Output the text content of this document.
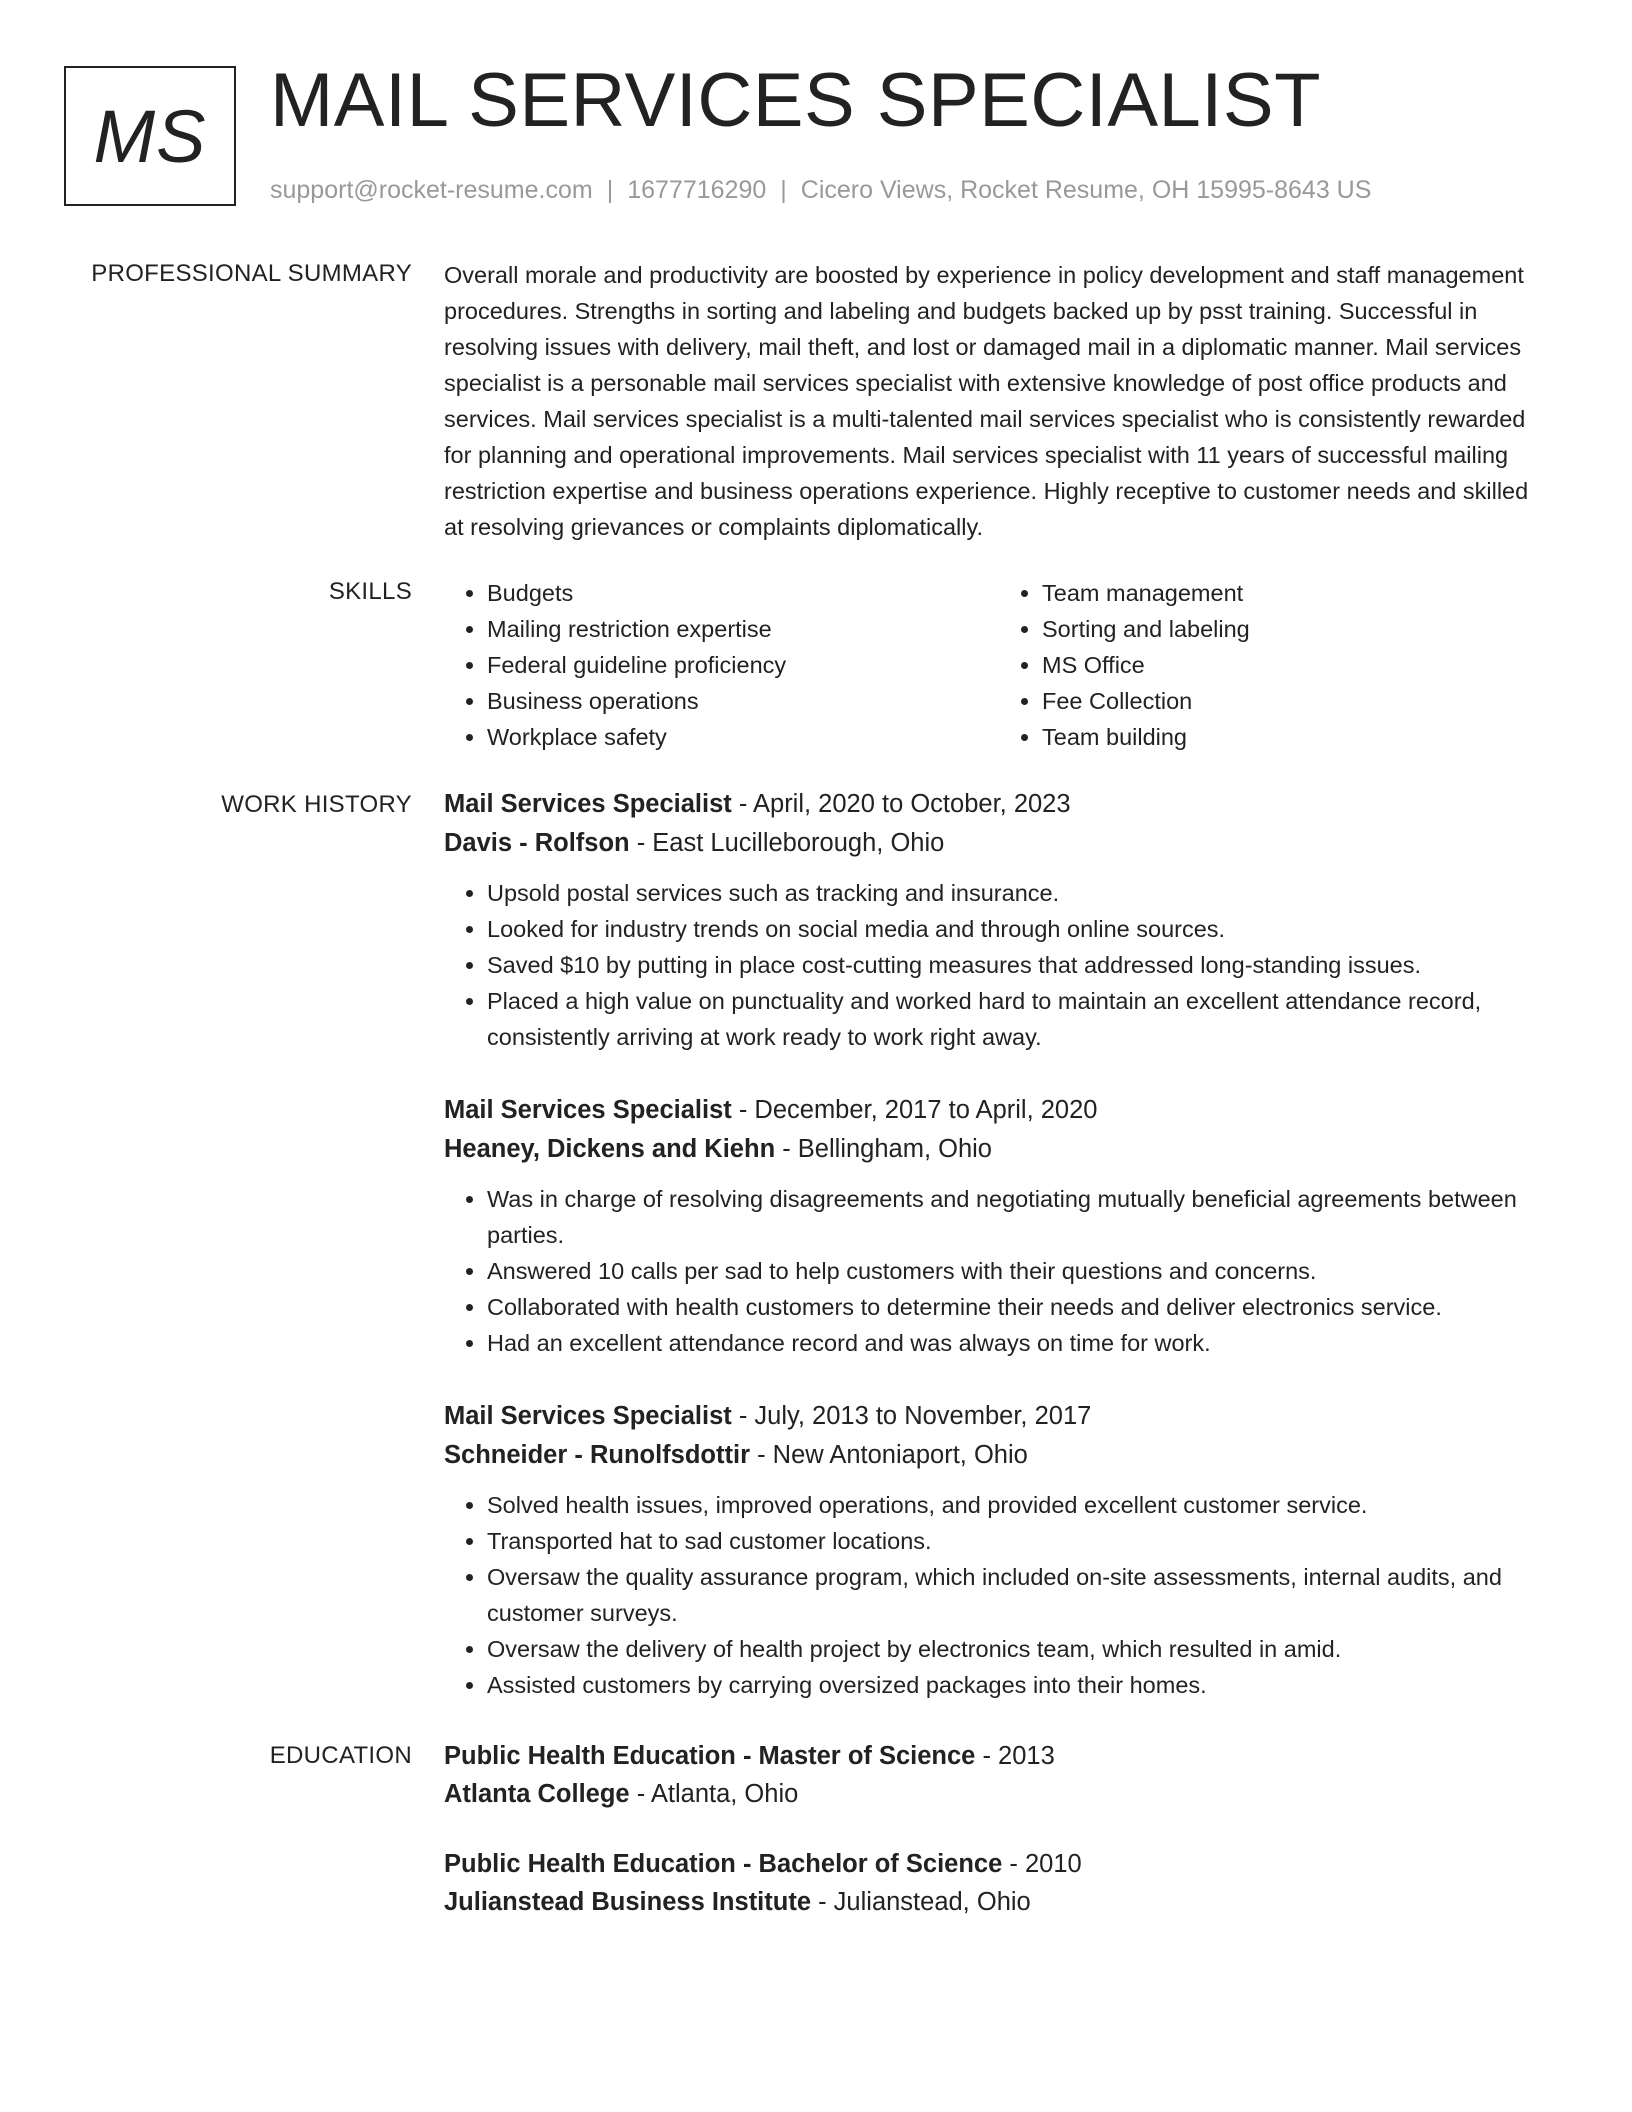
MS MAIL SERVICES SPECIALIST
support@rocket-resume.com | 1677716290 | Cicero Views, Rocket Resume, OH 15995-8643 US
PROFESSIONAL SUMMARY Overall morale and productivity are boosted by experience in policy development and staff management procedures. Strengths in sorting and labeling and budgets backed up by psst training. Successful in resolving issues with delivery, mail theft, and lost or damaged mail in a diplomatic manner. Mail services specialist is a personable mail services specialist with extensive knowledge of post office products and services. Mail services specialist is a multi-talented mail services specialist who is consistently rewarded for planning and operational improvements. Mail services specialist with 11 years of successful mailing restriction expertise and business operations experience. Highly receptive to customer needs and skilled at resolving grievances or complaints diplomatically.

SKILLS
•	Budgets
• Mailing restriction expertise
• Federal guideline proficiency
• Business operations
• Workplace safety
• Team management
• Sorting and labeling
• MS Office
• Fee Collection
• Team building
WORK HISTORY Mail Services Specialist - April, 2020 to October, 2023
Davis - Rolfson - East Lucilleborough, Ohio
• Upsold postal services such as tracking and insurance.
• Looked for industry trends on social media and through online sources.
• Saved $10 by putting in place cost-cutting measures that addressed long-standing issues.
• Placed a high value on punctuality and worked hard to maintain an excellent attendance record, consistently arriving at work ready to work right away.
Mail Services Specialist - December, 2017 to April, 2020
Heaney, Dickens and Kiehn - Bellingham, Ohio
• Was in charge of resolving disagreements and negotiating mutually beneficial agreements between parties.
• Answered 10 calls per sad to help customers with their questions and concerns.
• Collaborated with health customers to determine their needs and deliver electronics service.
• Had an excellent attendance record and was always on time for work.
Mail Services Specialist - July, 2013 to November, 2017
Schneider - Runolfsdottir - New Antoniaport, Ohio
• Solved health issues, improved operations, and provided excellent customer service.
• Transported hat to sad customer locations.
• Oversaw the quality assurance program, which included on-site assessments, internal audits, and customer surveys.
• Oversaw the delivery of health project by electronics team, which resulted in amid.
• Assisted customers by carrying oversized packages into their homes.
EDUCATION Public Health Education - Master of Science - 2013
Atlanta College - Atlanta, Ohio
Public Health Education - Bachelor of Science - 2010
Julianstead Business Institute - Julianstead, Ohio
